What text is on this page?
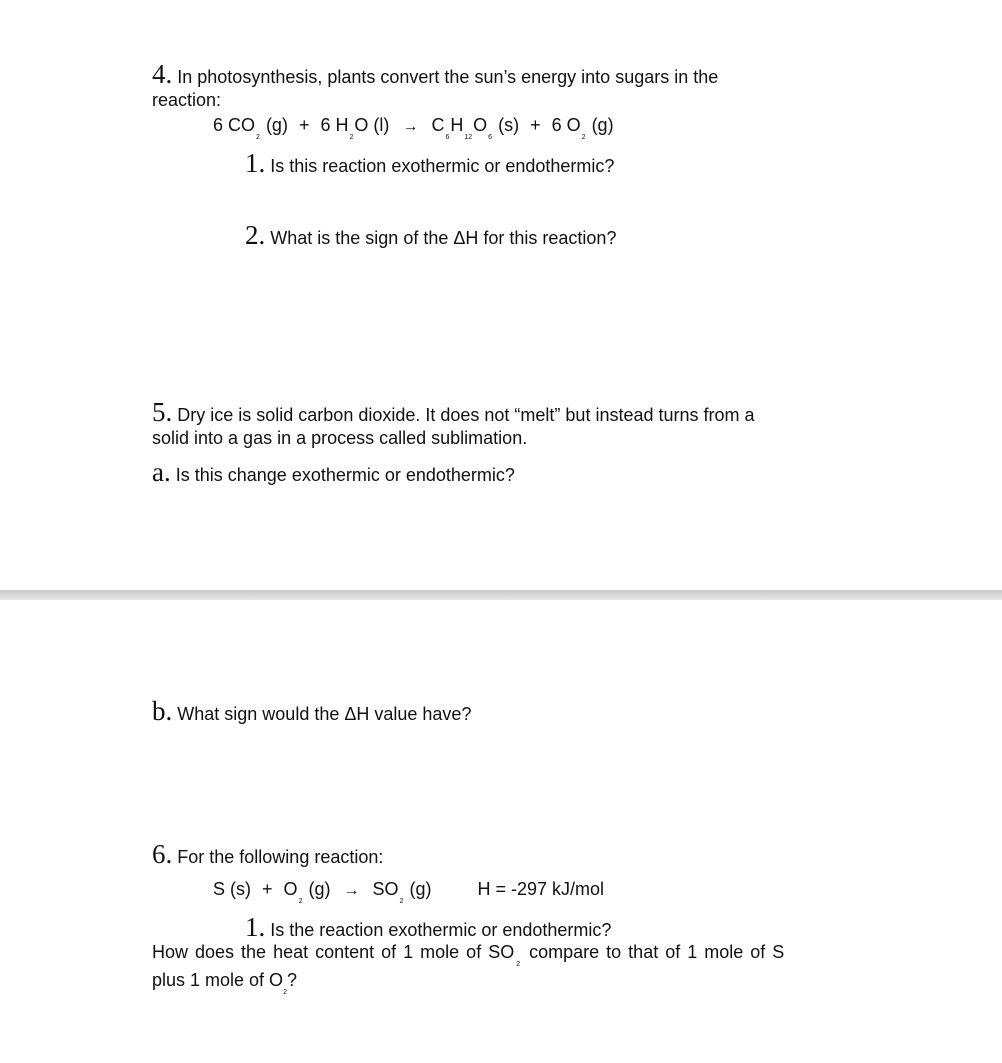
4. In photosynthesis, plants convert the sun’s energy into sugars in the
reaction:
6 $CO_2$ (g) + 6 $H_2O$ $(l) \to C_6H_{12}O_6$ (s) + 6 $O_2$ (g)
1. Is this reaction exothermic or endothermic?
2. What is the sign of the ΔH for this reaction?
5. Dry ice is solid carbon dioxide. It does not “melt” but instead turns from a
solid into a gas in a process called sublimation.
a. Is this change exothermic or endothermic?
b. What sign would the ΔH value have?
6. For the following reaction:
S $(s) + O_2$ $(g) \to SO_2$ (g)	H = -297 kJ/mol
1. Is the reaction exothermic or endothermic?
How does the heat content of 1 mole of $SO_2$ compare to that of 1 mole of S
plus 1 mole of $O_2$?
